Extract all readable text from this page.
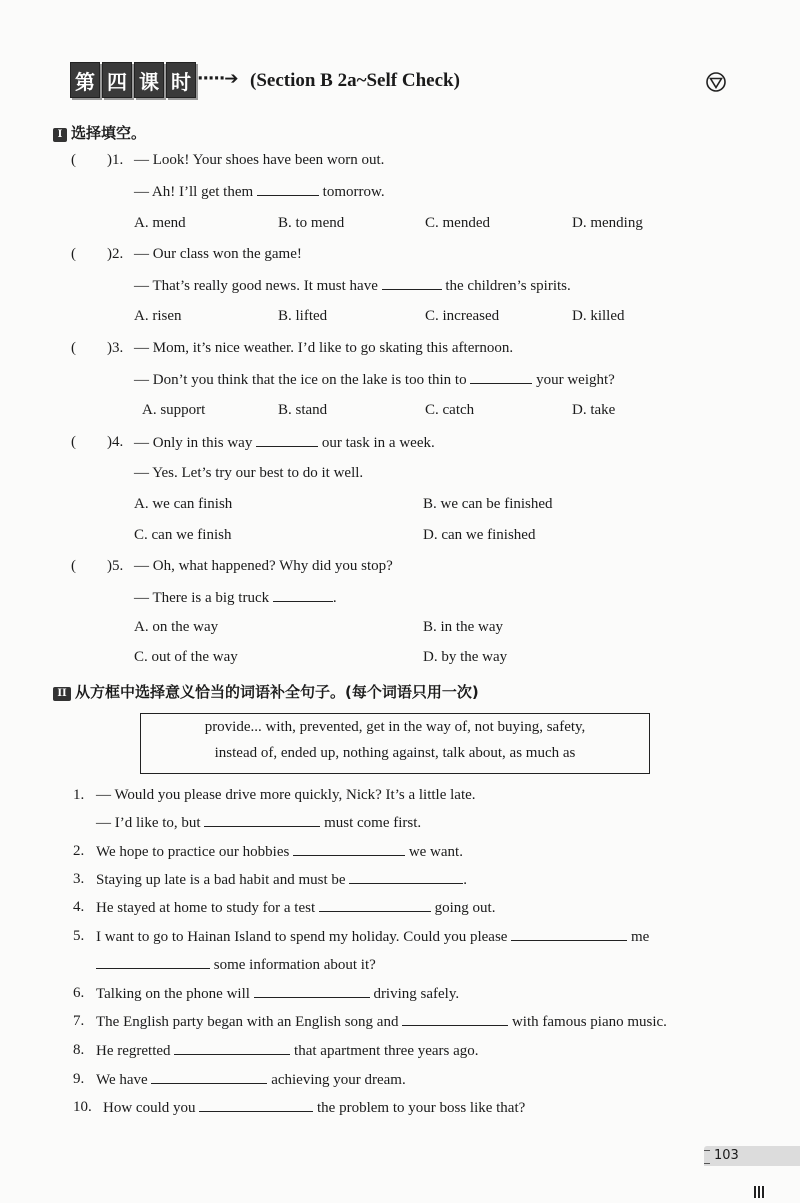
第 四 课 时 ·····➔ (Section B 2a~Self Check)
I 选择填空。
( )1. — Look! Your shoes have been worn out.
— Ah! I’ll get them	tomorrow.
A. mend	B. to mend	C. mended	D. mending
( )2. — Our class won the game!
— That’s really good news. It must have	the children’s spirits.
A. risen	B. lifted	C. increased	D. killed
( )3. — Mom, it’s nice weather. I’d like to go skating this afternoon.
— Don’t you think that the ice on the lake is too thin to	your weight?
A. support	B. stand	C. catch	D. take
( )4. — Only in this way	our task in a week.
— Yes. Let’s try our best to do it well.
A. we can finish	B. we can be finished
C. can we finish	D. can we finished
( )5. — Oh, what happened? Why did you stop?
— There is a big truck	.
A. on the way	B. in the way
C. out of the way	D. by the way
II 从方框中选择意义恰当的词语补全句子。(每个词语只用一次)
provide... with, prevented, get in the way of, not buying, safety,
instead of, ended up, nothing against, talk about, as much as
1. — Would you please drive more quickly, Nick? It’s a little late.
— I’d like to, but	must come first.
2. We hope to practice our hobbies	we want.
3. Staying up late is a bad habit and must be	.
4. He stayed at home to study for a test	going out.
5. I want to go to Hainan Island to spend my holiday. Could you please	me
some information about it?
6. Talking on the phone will	driving safely.
7. The English party began with an English song and	with famous piano music.
8. He regretted	that apartment three years ago.
9. We have	achieving your dream.
10. How could you	the problem to your boss like that?
103
